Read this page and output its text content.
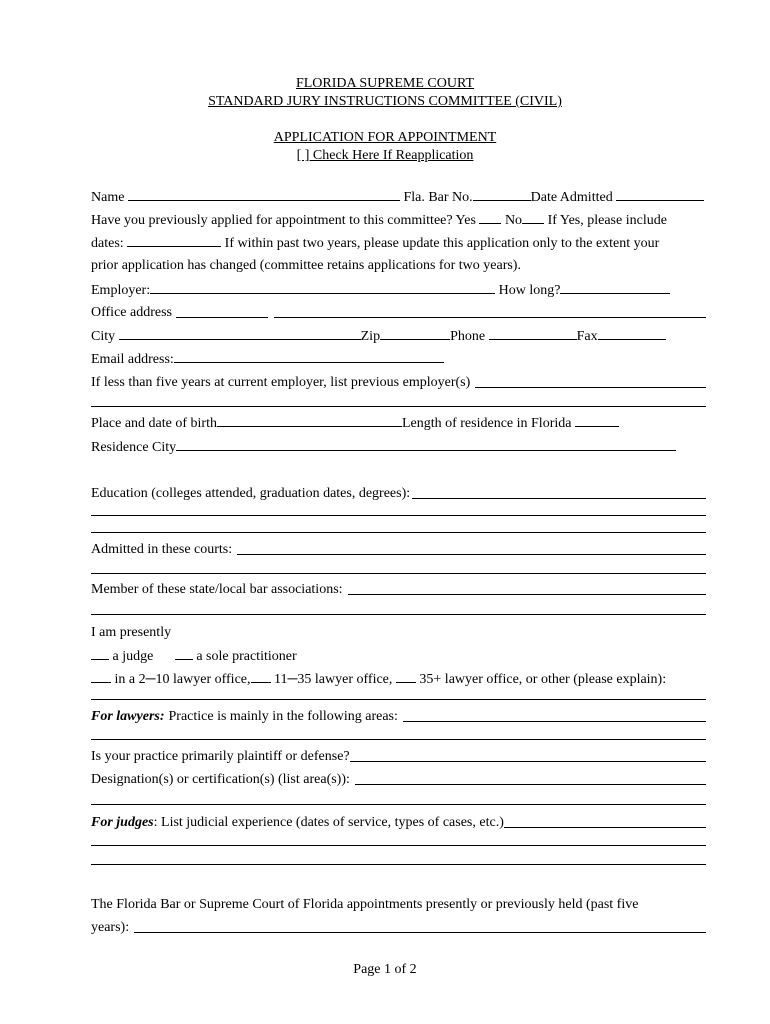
FLORIDA SUPREME COURT
STANDARD JURY INSTRUCTIONS COMMITTEE (CIVIL)
APPLICATION FOR APPOINTMENT
[ ] Check Here If Reapplication
Name	Fla. Bar No.	Date Admitted
Have you previously applied for appointment to this committee? Yes No If Yes, please include
dates:	If within past two years, please update this application only to the extent your
prior application has changed (committee retains applications for two years).
Employer:	How long?
Office address
City	Zip	Phone	Fax
Email address:
If less than five years at current employer, list previous employer(s)
Place and date of birth	Length of residence in Florida
Residence City
Education (colleges attended, graduation dates, degrees):
Admitted in these courts:
Member of these state/local bar associations:
I am presently
a judge	a sole practitioner
in a 2─10 lawyer office, 11─35 lawyer office, 35+ lawyer office, or other (please explain):
For lawyers: Practice is mainly in the following areas:
Is your practice primarily plaintiff or defense?
Designation(s) or certification(s) (list area(s)):
For judges : List judicial experience (dates of service, types of cases, etc.)
The Florida Bar or Supreme Court of Florida appointments presently or previously held (past five
years):
Page 1 of 2
